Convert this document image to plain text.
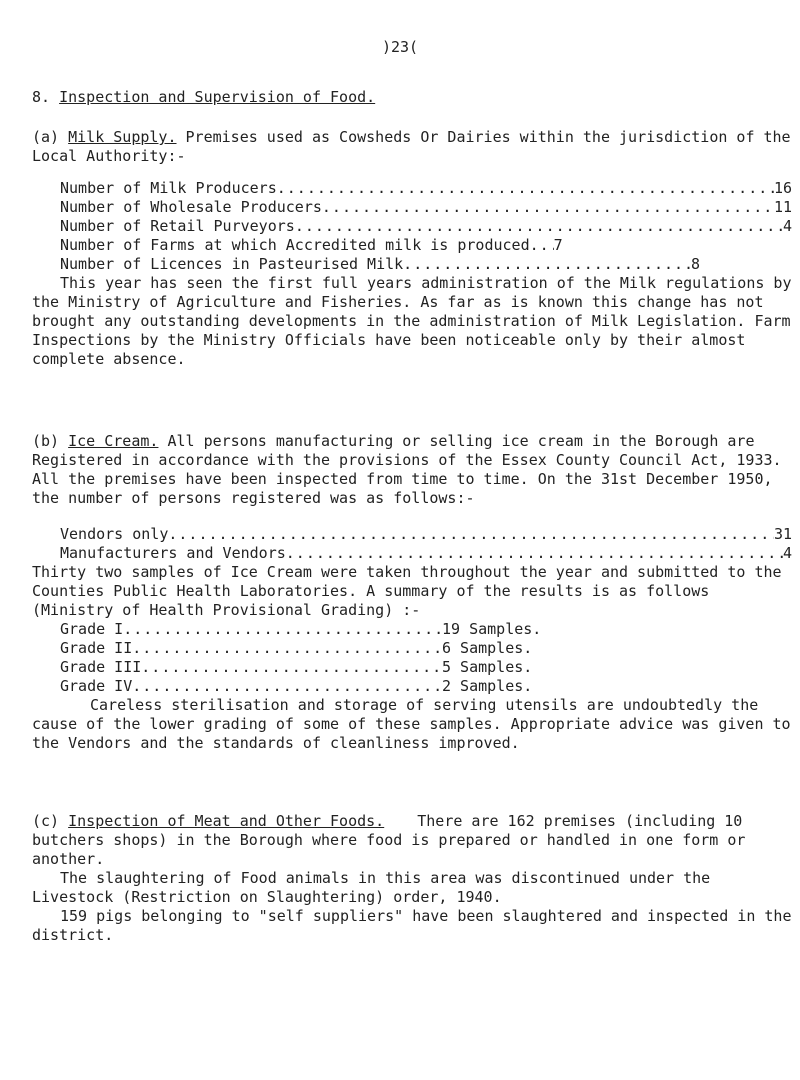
)23(
8. Inspection and Supervision of Food.

(a) Milk Supply. Premises used as Cowsheds Or Dairies within the jurisdiction of the Local Authority:-

Number of Milk Producers .....	16
Number of Wholesale Producers .....	11
Number of Retail Purveyors .....	4
Number of Farms at which Accredited milk is produced ..... 7
Number of Licences in Pasteurised Milk .....	8

This year has seen the first full years administration of the Milk regulations by the Ministry of Agriculture and Fisheries. As far as is known this change has not brought any outstanding developments in the administration of Milk Legislation. Farm Inspections by the Ministry Officials have been noticeable only by their almost complete absence.

(b) Ice Cream. All persons manufacturing or selling ice cream in the Borough are Registered in accordance with the provisions of the Essex County Council Act, 1933. All the premises have been inspected from time to time. On the 31st December 1950, the number of persons registered was as follows:-

Vendors only .....	31
Manufacturers and Vendors .....	4

Thirty two samples of Ice Cream were taken throughout the year and submitted to the Counties Public Health Laboratories. A summary of the results is as follows (Ministry of Health Provisional Grading) :-

Grade I .....	19 Samples.
Grade II .....	6 Samples.
Grade III .....	5 Samples.
Grade IV .....	2 Samples.

Careless sterilisation and storage of serving utensils are undoubtedly the cause of the lower grading of some of these samples. Appropriate advice was given to the Vendors and the standards of cleanliness improved.

(c) Inspection of Meat and Other Foods. There are 162 premises (including 10 butchers shops) in the Borough where food is prepared or handled in one form or another.

The slaughtering of Food animals in this area was discontinued under the Livestock (Restriction on Slaughtering) order, 1940.

159 pigs belonging to "self suppliers" have been slaughtered and inspected in the district.
